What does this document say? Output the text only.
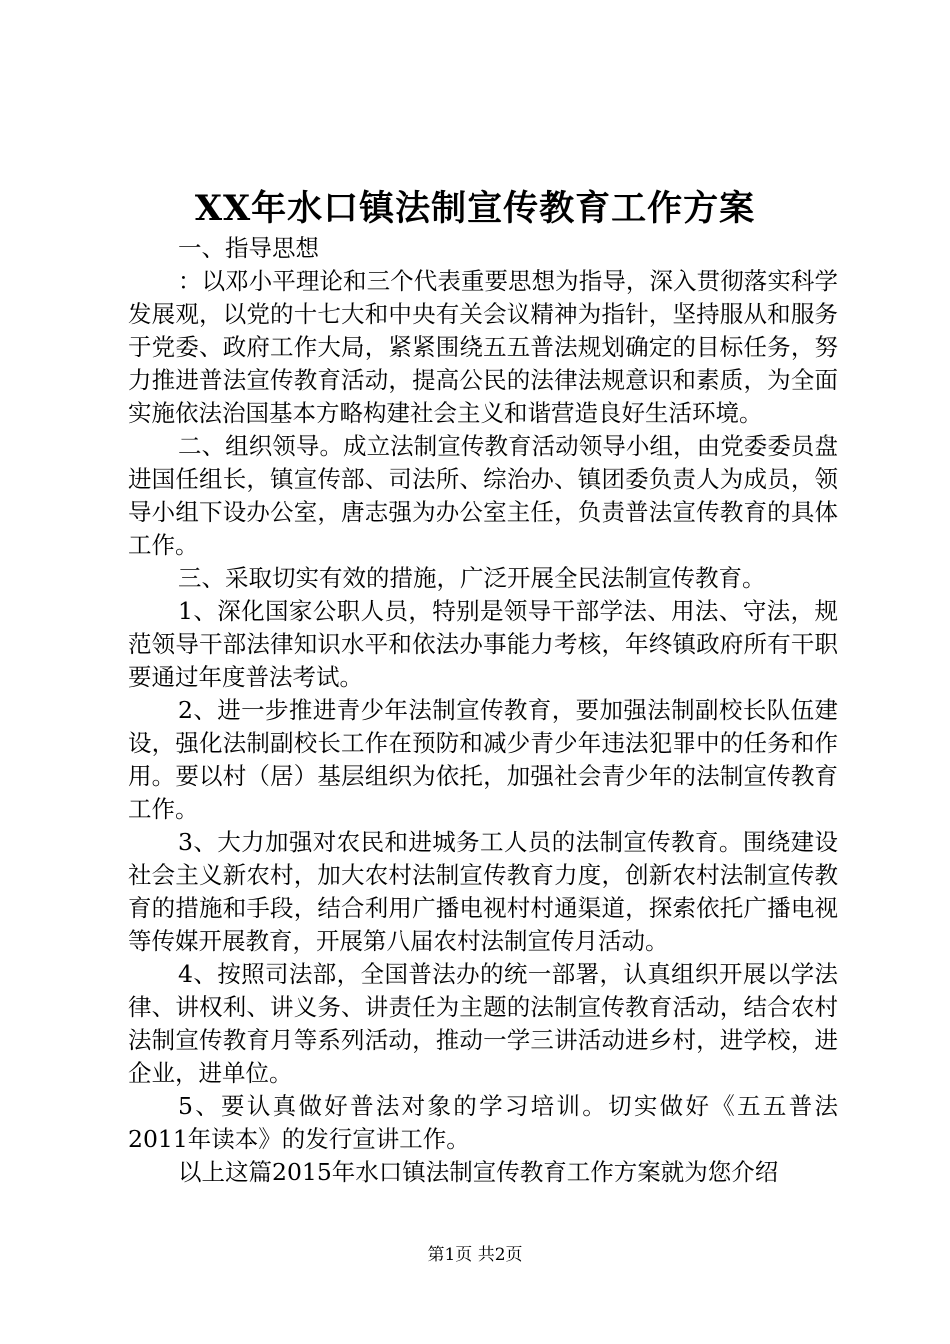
XX年水口镇法制宣传教育工作方案

一、指导思想

：以邓小平理论和三个代表重要思想为指导，深入贯彻落实科学发展观，以党的十七大和中央有关会议精神为指针，坚持服从和服务于党委、政府工作大局，紧紧围绕五五普法规划确定的目标任务，努力推进普法宣传教育活动，提高公民的法律法规意识和素质，为全面实施依法治国基本方略构建社会主义和谐营造良好生活环境。

二、组织领导。成立法制宣传教育活动领导小组，由党委委员盘进国任组长，镇宣传部、司法所、综治办、镇团委负责人为成员，领导小组下设办公室，唐志强为办公室主任，负责普法宣传教育的具体工作。

三、采取切实有效的措施，广泛开展全民法制宣传教育。

1、深化国家公职人员，特别是领导干部学法、用法、守法，规范领导干部法律知识水平和依法办事能力考核，年终镇政府所有干职要通过年度普法考试。

2、进一步推进青少年法制宣传教育，要加强法制副校长队伍建设，强化法制副校长工作在预防和减少青少年违法犯罪中的任务和作用。要以村（居）基层组织为依托，加强社会青少年的法制宣传教育工作。

3、大力加强对农民和进城务工人员的法制宣传教育。围绕建设社会主义新农村，加大农村法制宣传教育力度，创新农村法制宣传教育的措施和手段，结合利用广播电视村村通渠道，探索依托广播电视等传媒开展教育，开展第八届农村法制宣传月活动。

4、按照司法部，全国普法办的统一部署，认真组织开展以学法律、讲权利、讲义务、讲责任为主题的法制宣传教育活动，结合农村法制宣传教育月等系列活动，推动一学三讲活动进乡村，进学校，进企业，进单位。

5、要认真做好普法对象的学习培训。切实做好《五五普法2011年读本》的发行宣讲工作。

以上这篇2015年水口镇法制宣传教育工作方案就为您介绍

第1页 共2页
